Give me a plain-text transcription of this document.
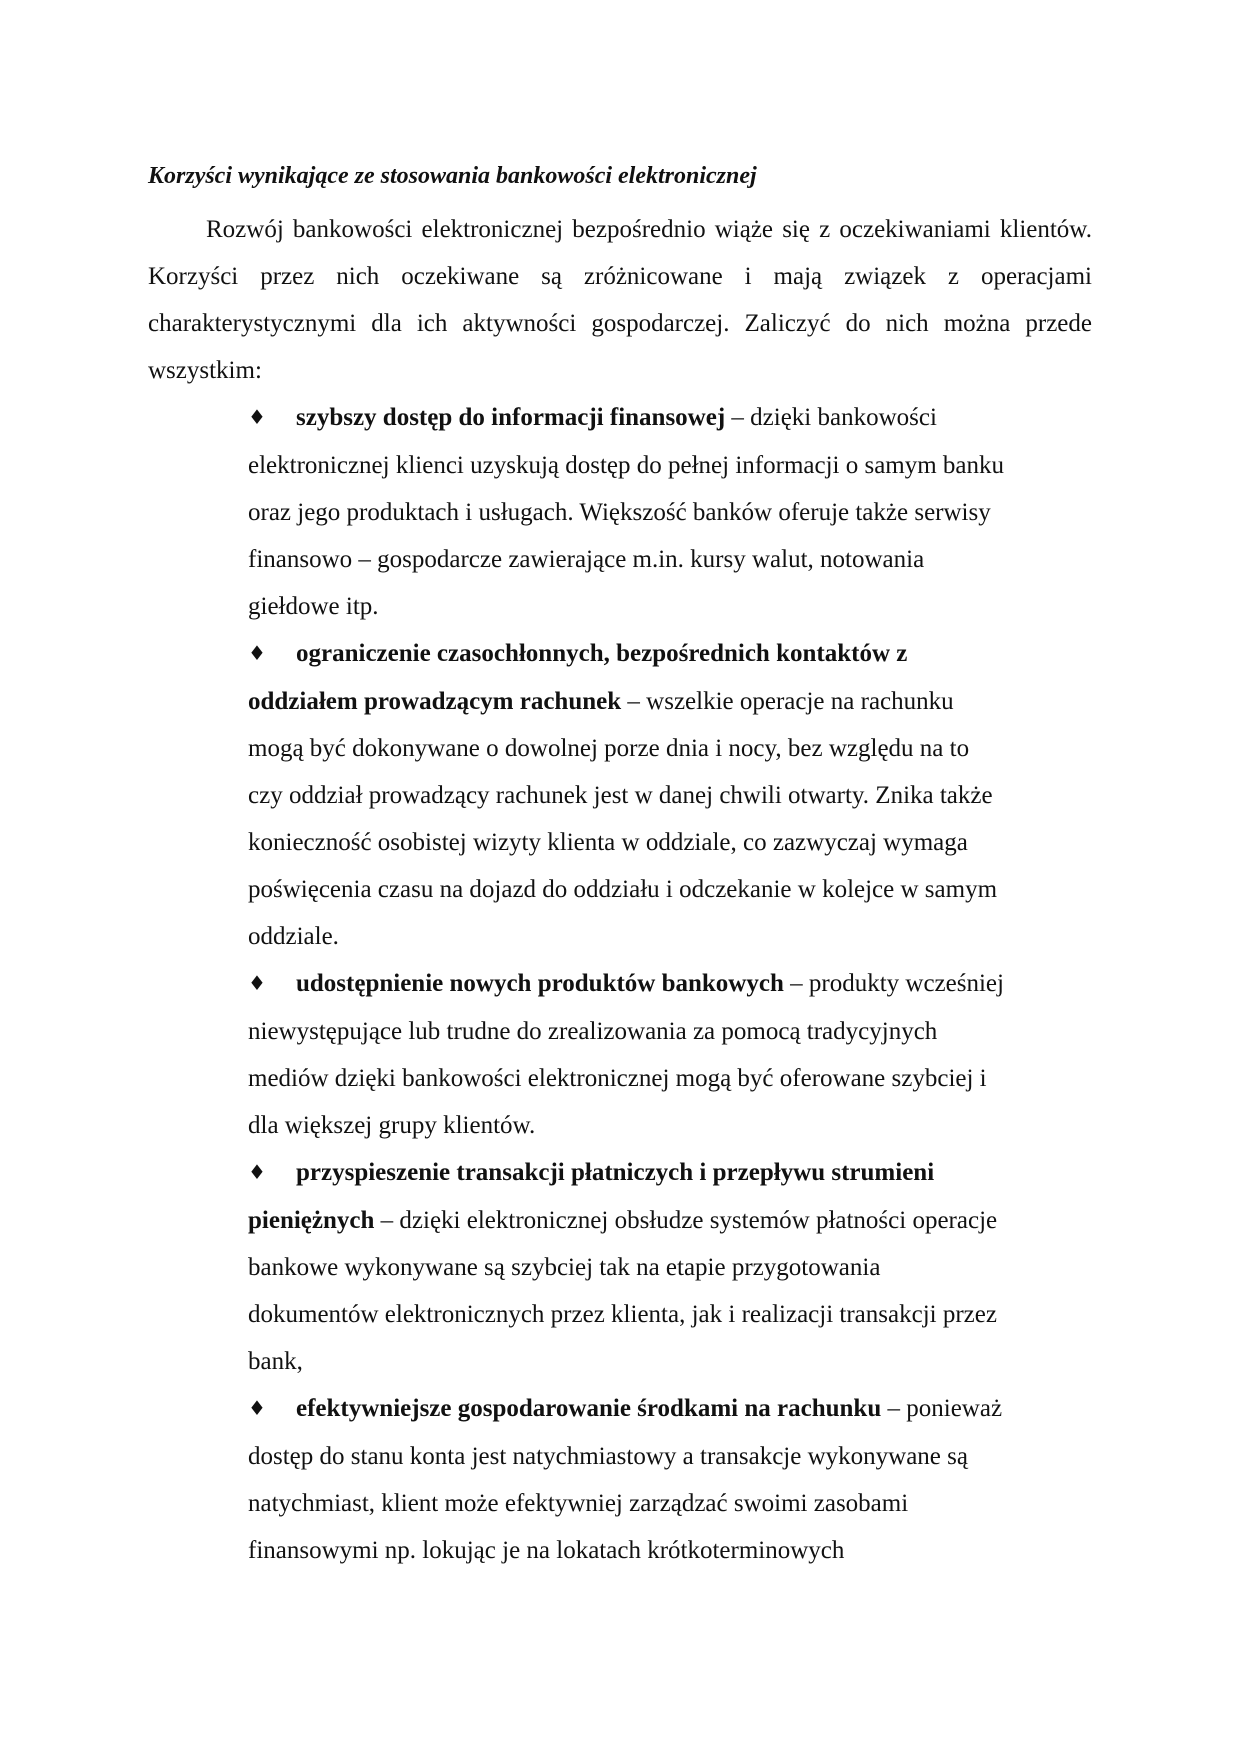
Korzyści wynikające ze stosowania bankowości elektronicznej

Rozwój bankowości elektronicznej bezpośrednio wiąże się z oczekiwaniami klientów. Korzyści przez nich oczekiwane są zróżnicowane i mają związek z operacjami charakterystycznymi dla ich aktywności gospodarczej. Zaliczyć do nich można przede wszystkim:

♦ szybszy dostęp do informacji finansowej – dzięki bankowości elektronicznej klienci uzyskują dostęp do pełnej informacji o samym banku oraz jego produktach i usługach. Większość banków oferuje także serwisy finansowo – gospodarcze zawierające m.in. kursy walut, notowania giełdowe itp.
♦ ograniczenie czasochłonnych, bezpośrednich kontaktów z oddziałem prowadzącym rachunek – wszelkie operacje na rachunku mogą być dokonywane o dowolnej porze dnia i nocy, bez względu na to czy oddział prowadzący rachunek jest w danej chwili otwarty. Znika także konieczność osobistej wizyty klienta w oddziale, co zazwyczaj wymaga poświęcenia czasu na dojazd do oddziału i odczekanie w kolejce w samym oddziale.
♦ udostępnienie nowych produktów bankowych – produkty wcześniej niewystępujące lub trudne do zrealizowania za pomocą tradycyjnych mediów dzięki bankowości elektronicznej mogą być oferowane szybciej i dla większej grupy klientów.
♦ przyspieszenie transakcji płatniczych i przepływu strumieni pieniężnych – dzięki elektronicznej obsłudze systemów płatności operacje bankowe wykonywane są szybciej tak na etapie przygotowania dokumentów elektronicznych przez klienta, jak i realizacji transakcji przez bank,
♦ efektywniejsze gospodarowanie środkami na rachunku – ponieważ dostęp do stanu konta jest natychmiastowy a transakcje wykonywane są natychmiast, klient może efektywniej zarządzać swoimi zasobami finansowymi np. lokując je na lokatach krótkoterminowych
